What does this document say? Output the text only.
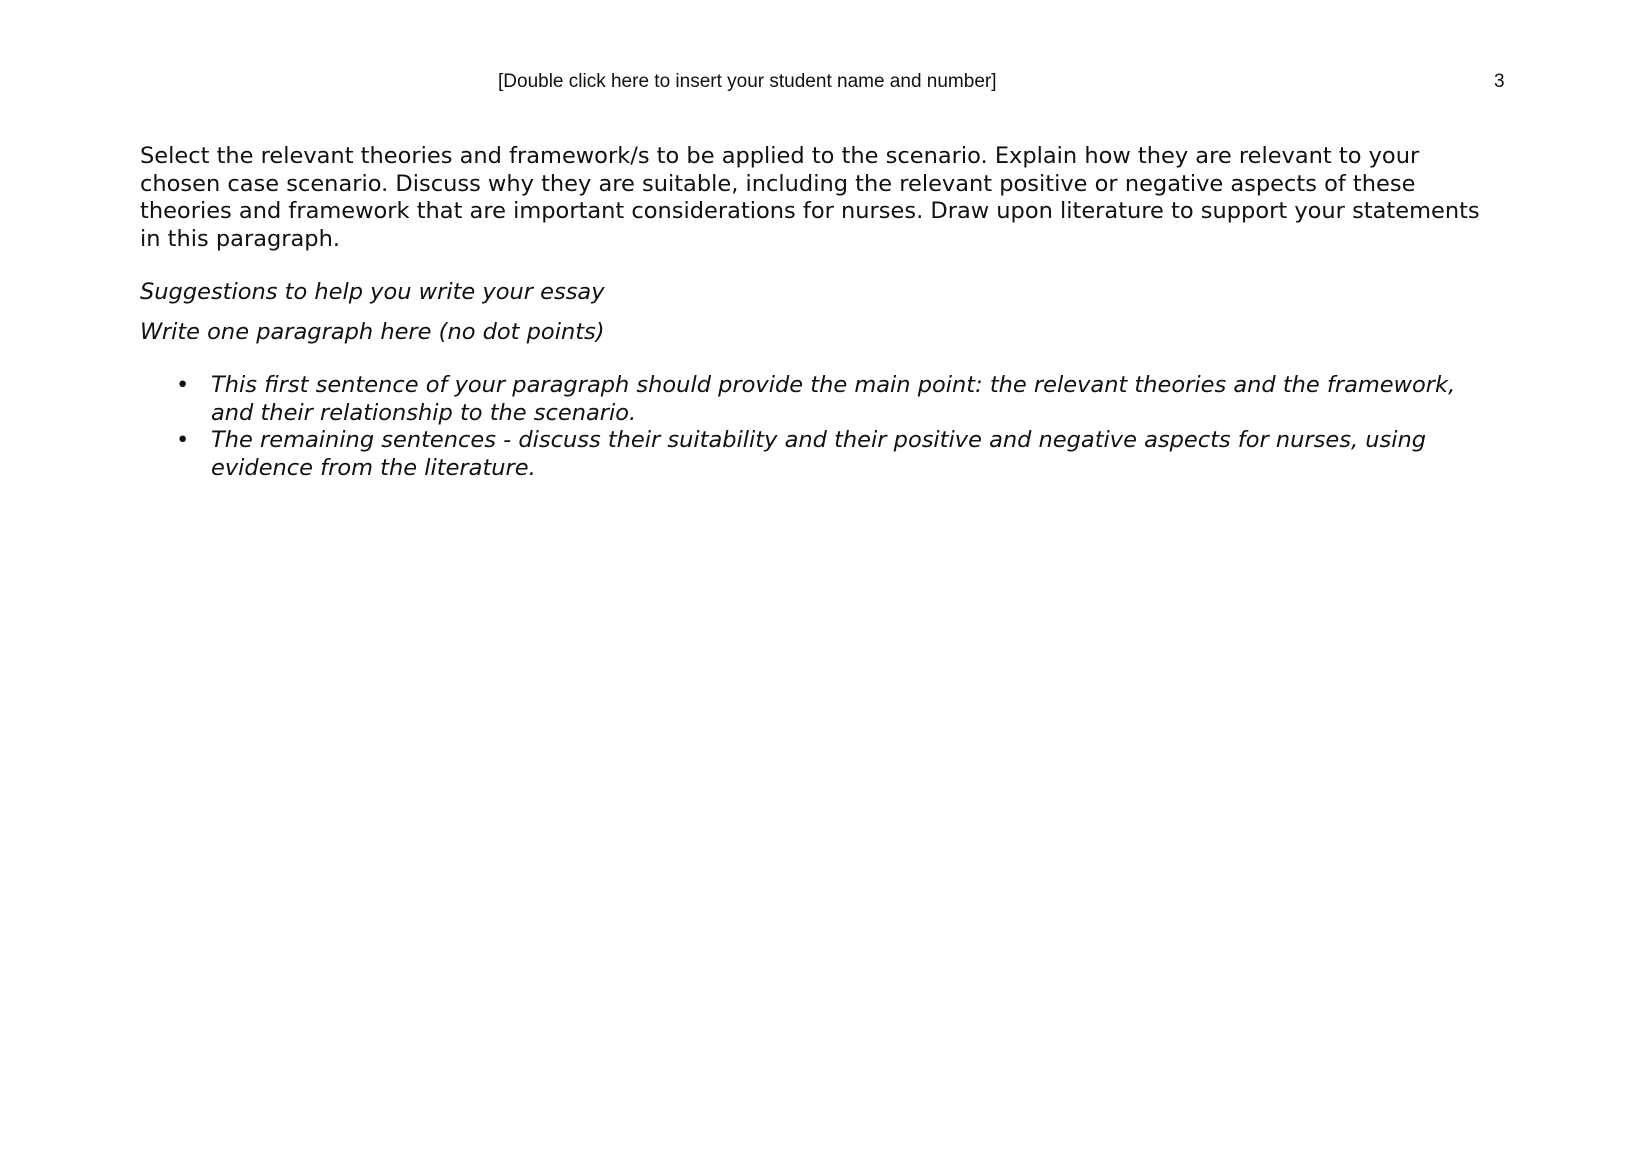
[Double click here to insert your student name and number]	3

Select the relevant theories and framework/s to be applied to the scenario. Explain how they are relevant to your chosen case scenario. Discuss why they are suitable, including the relevant positive or negative aspects of these theories and framework that are important considerations for nurses. Draw upon literature to support your statements in this paragraph.

Suggestions to help you write your essay

Write one paragraph here (no dot points)

• This first sentence of your paragraph should provide the main point: the relevant theories and the framework, and their relationship to the scenario.
• The remaining sentences - discuss their suitability and their positive and negative aspects for nurses, using evidence from the literature.
